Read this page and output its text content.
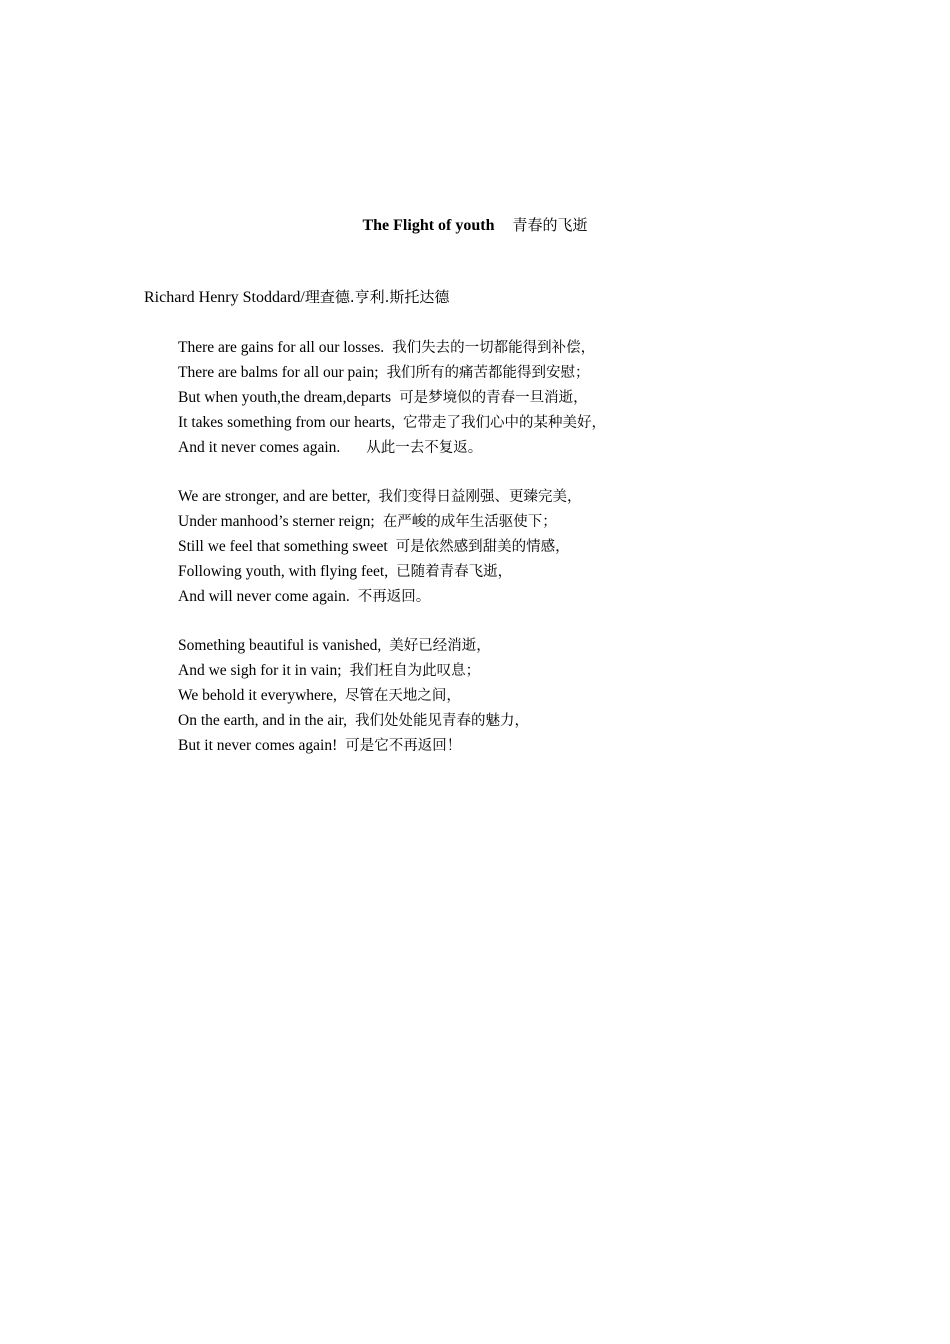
The Flight of youth 青春的飞逝
Richard Henry Stoddard/理查德.亨利.斯托达德
There are gains for all our losses. 我们失去的一切都能得到补偿，
There are balms for all our pain; 我们所有的痛苦都能得到安慰；
But when youth,the dream,departs 可是梦境似的青春一旦消逝，
It takes something from our hearts, 它带走了我们心中的某种美好，
And it never comes again. 从此一去不复返。
We are stronger, and are better, 我们变得日益刚强、更臻完美，
Under manhood’s sterner reign; 在严峻的成年生活驱使下；
Still we feel that something sweet 可是依然感到甜美的情感，
Following youth, with flying feet, 已随着青春飞逝，
And will never come again. 不再返回。
Something beautiful is vanished, 美好已经消逝，
And we sigh for it in vain; 我们枉自为此叹息；
We behold it everywhere, 尽管在天地之间，
On the earth, and in the air, 我们处处能见青春的魅力，
But it never comes again! 可是它不再返回！
